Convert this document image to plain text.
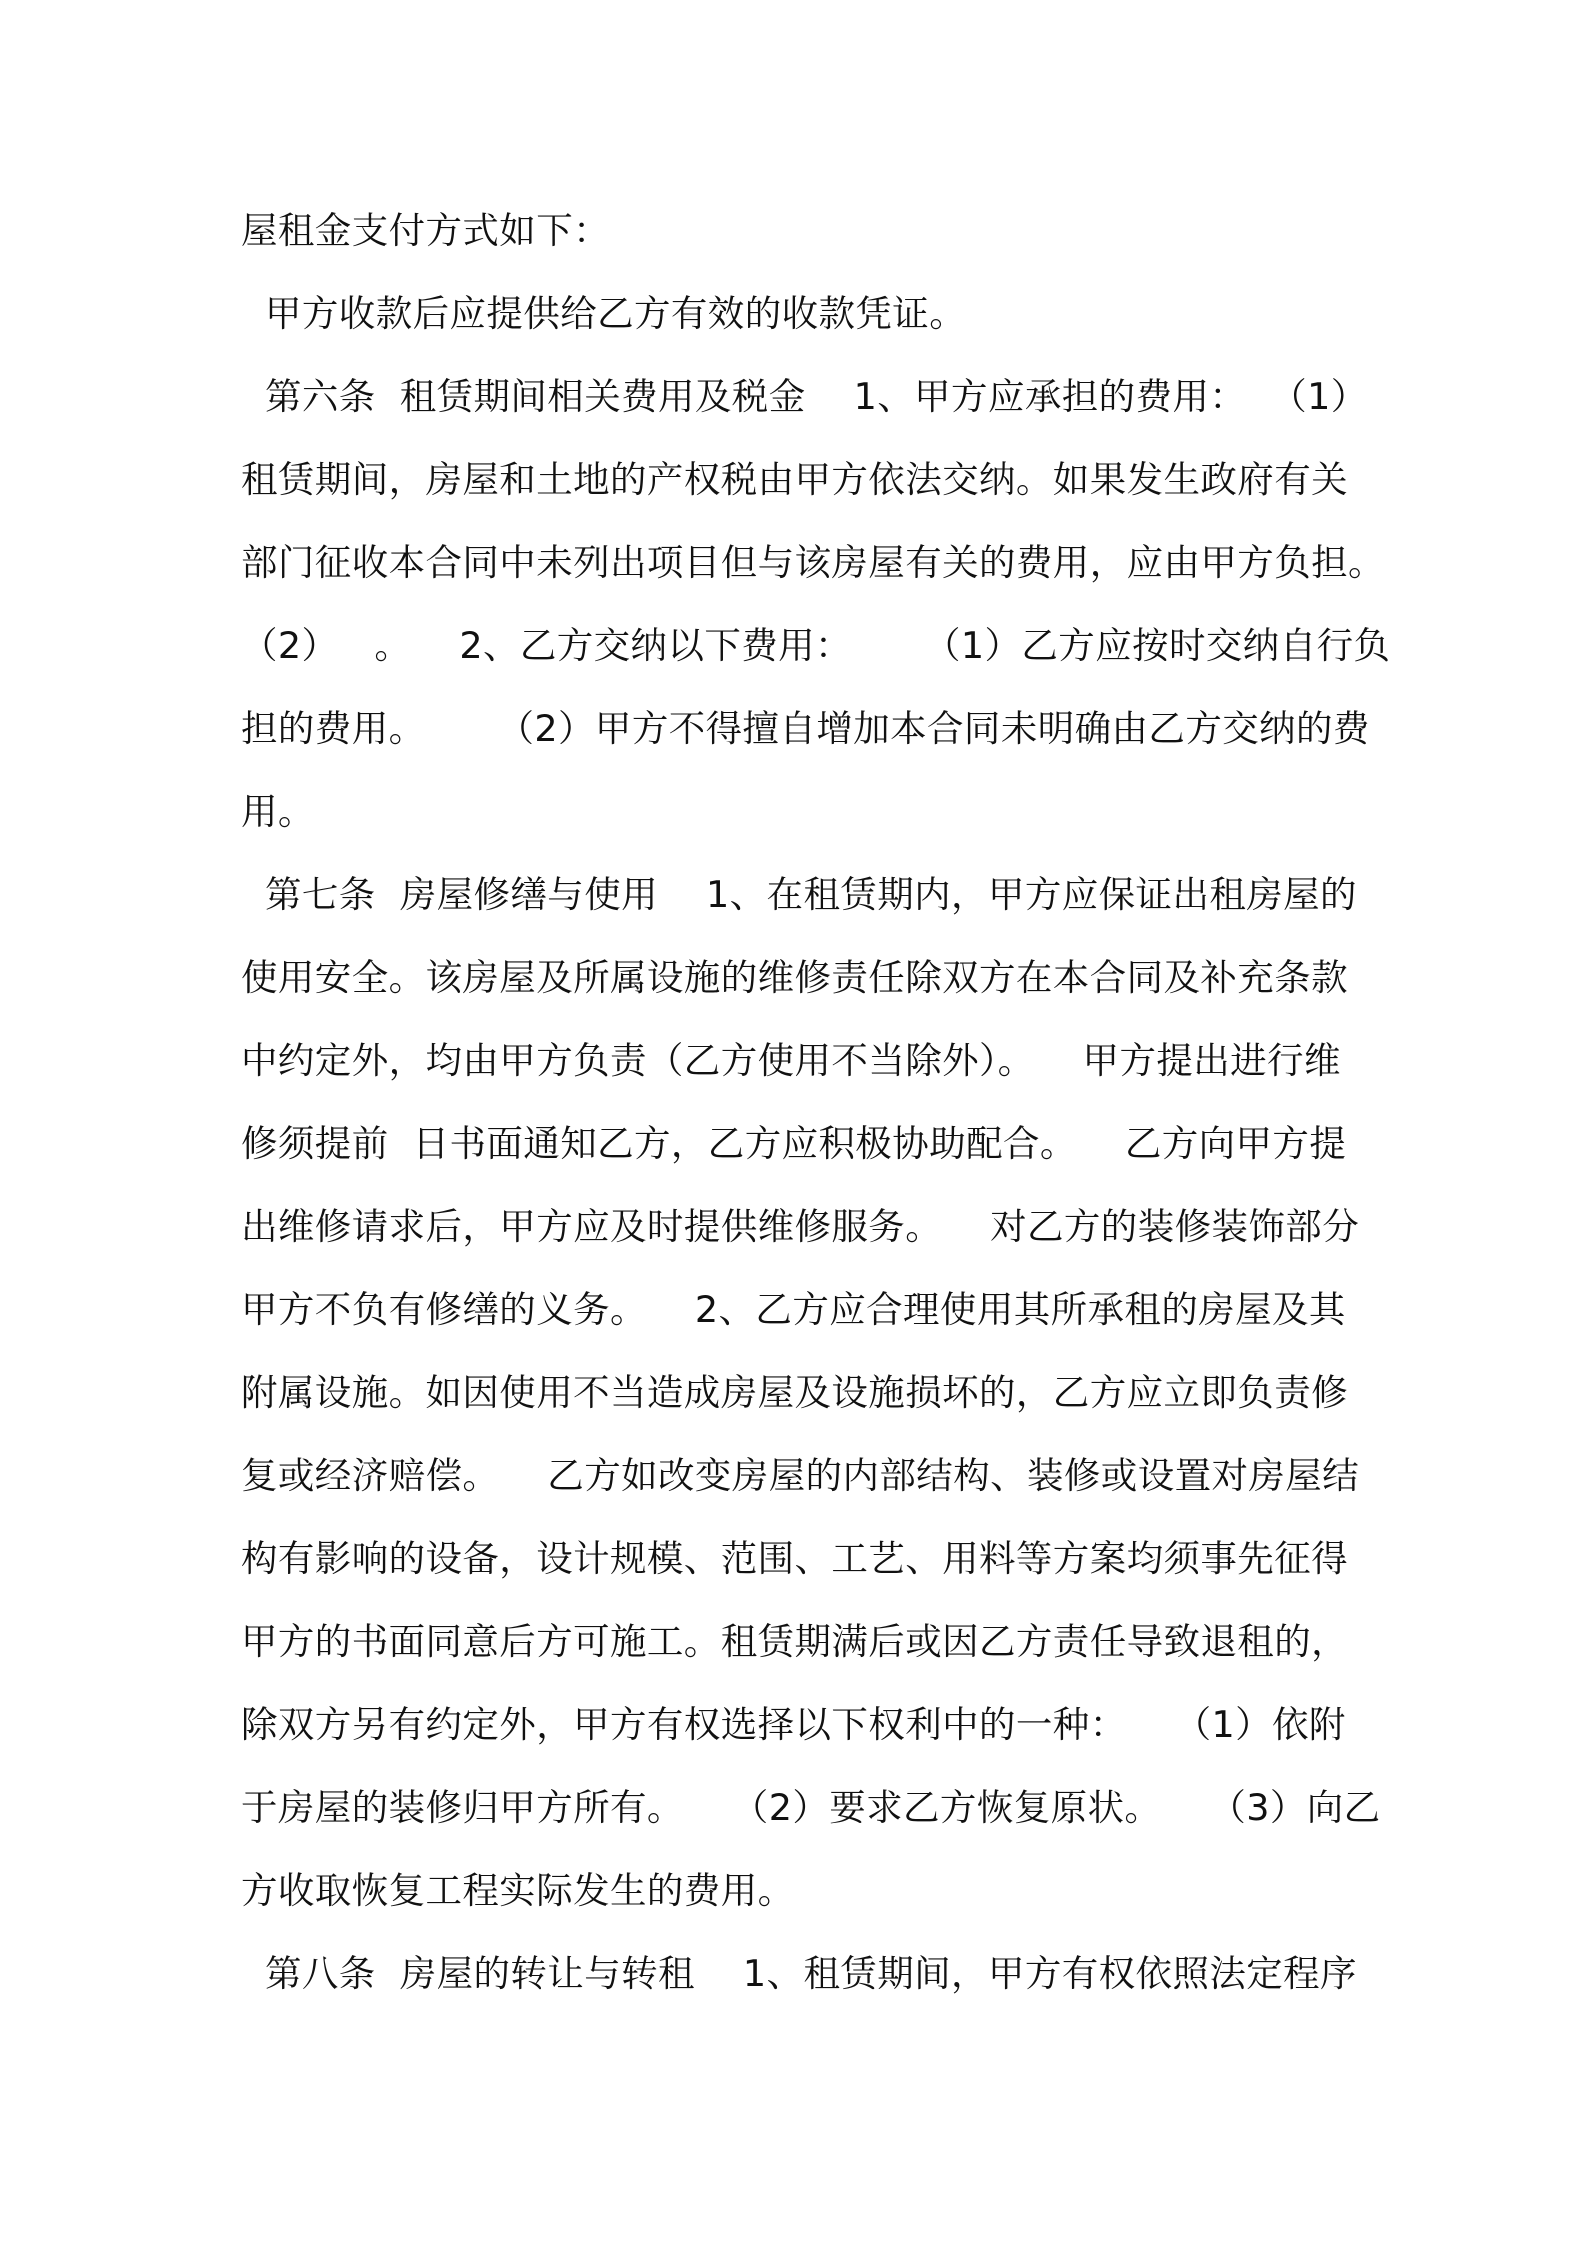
屋租金支付方式如下：
甲方收款后应提供给乙方有效的收款凭证。
第六条  租赁期间相关费用及税金    1、甲方应承担的费用：  （1）
租赁期间，房屋和土地的产权税由甲方依法交纳。如果发生政府有关
部门征收本合同中未列出项目但与该房屋有关的费用，应由甲方负担。
（2）   。    2、乙方交纳以下费用：      （1）乙方应按时交纳自行负
担的费用。      （2）甲方不得擅自增加本合同未明确由乙方交纳的费
用。
第七条  房屋修缮与使用    1、在租赁期内，甲方应保证出租房屋的
使用安全。该房屋及所属设施的维修责任除双方在本合同及补充条款
中约定外，均由甲方负责（乙方使用不当除外）。    甲方提出进行维
修须提前  日书面通知乙方，乙方应积极协助配合。    乙方向甲方提
出维修请求后，甲方应及时提供维修服务。    对乙方的装修装饰部分
甲方不负有修缮的义务。    2、乙方应合理使用其所承租的房屋及其
附属设施。如因使用不当造成房屋及设施损坏的，乙方应立即负责修
复或经济赔偿。    乙方如改变房屋的内部结构、装修或设置对房屋结
构有影响的设备，设计规模、范围、工艺、用料等方案均须事先征得
甲方的书面同意后方可施工。租赁期满后或因乙方责任导致退租的，
除双方另有约定外，甲方有权选择以下权利中的一种：    （1）依附
于房屋的装修归甲方所有。    （2）要求乙方恢复原状。    （3）向乙
方收取恢复工程实际发生的费用。
第八条  房屋的转让与转租    1、租赁期间，甲方有权依照法定程序
